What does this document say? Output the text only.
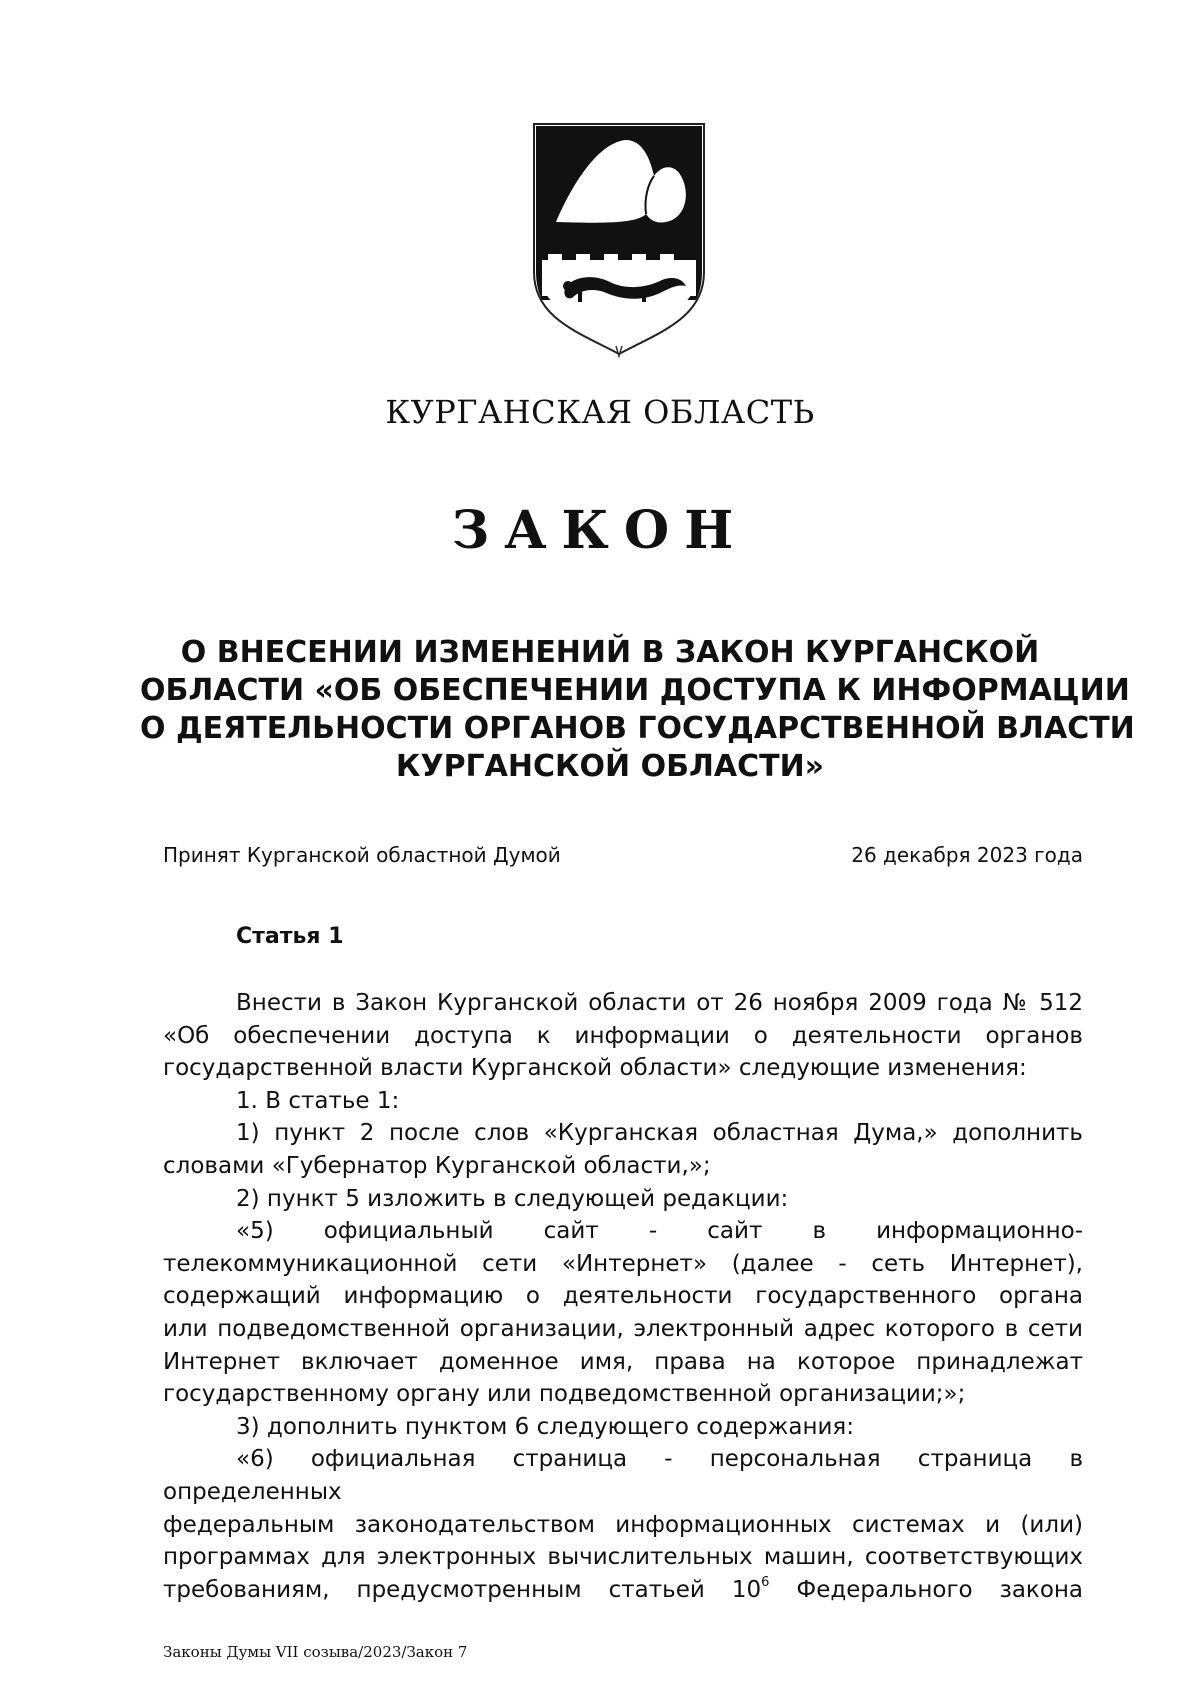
КУРГАНСКАЯ ОБЛАСТЬ
ЗАКОН
О ВНЕСЕНИИ ИЗМЕНЕНИЙ В ЗАКОН КУРГАНСКОЙ
ОБЛАСТИ «ОБ ОБЕСПЕЧЕНИИ ДОСТУПА К ИНФОРМАЦИИ
О ДЕЯТЕЛЬНОСТИ ОРГАНОВ ГОСУДАРСТВЕННОЙ ВЛАСТИ
КУРГАНСКОЙ ОБЛАСТИ»
Принят Курганской областной Думой	26 декабря 2023 года
Статья 1

Внести в Закон Курганской области от 26 ноября 2009 года № 512

«Об обеспечении доступа к информации о деятельности органов

государственной власти Курганской области» следующие изменения:

1. В статье 1:

1) пункт 2 после слов «Курганская областная Дума,» дополнить

словами «Губернатор Курганской области,»;

2) пункт 5 изложить в следующей редакции:

«5) официальный сайт - сайт в информационно-

телекоммуникационной сети «Интернет» (далее - сеть Интернет),

содержащий информацию о деятельности государственного органа

или подведомственной организации, электронный адрес которого в сети

Интернет включает доменное имя, права на которое принадлежат

государственному органу или подведомственной организации;»;

3) дополнить пунктом 6 следующего содержания:

«6) официальная страница - персональная страница в определенных

федеральным законодательством информационных системах и (или)

программах для электронных вычислительных машин, соответствующих

требованиям, предусмотренным статьей $10^6$ Федерального закона

Законы Думы VII созыва/2023/Закон 7
